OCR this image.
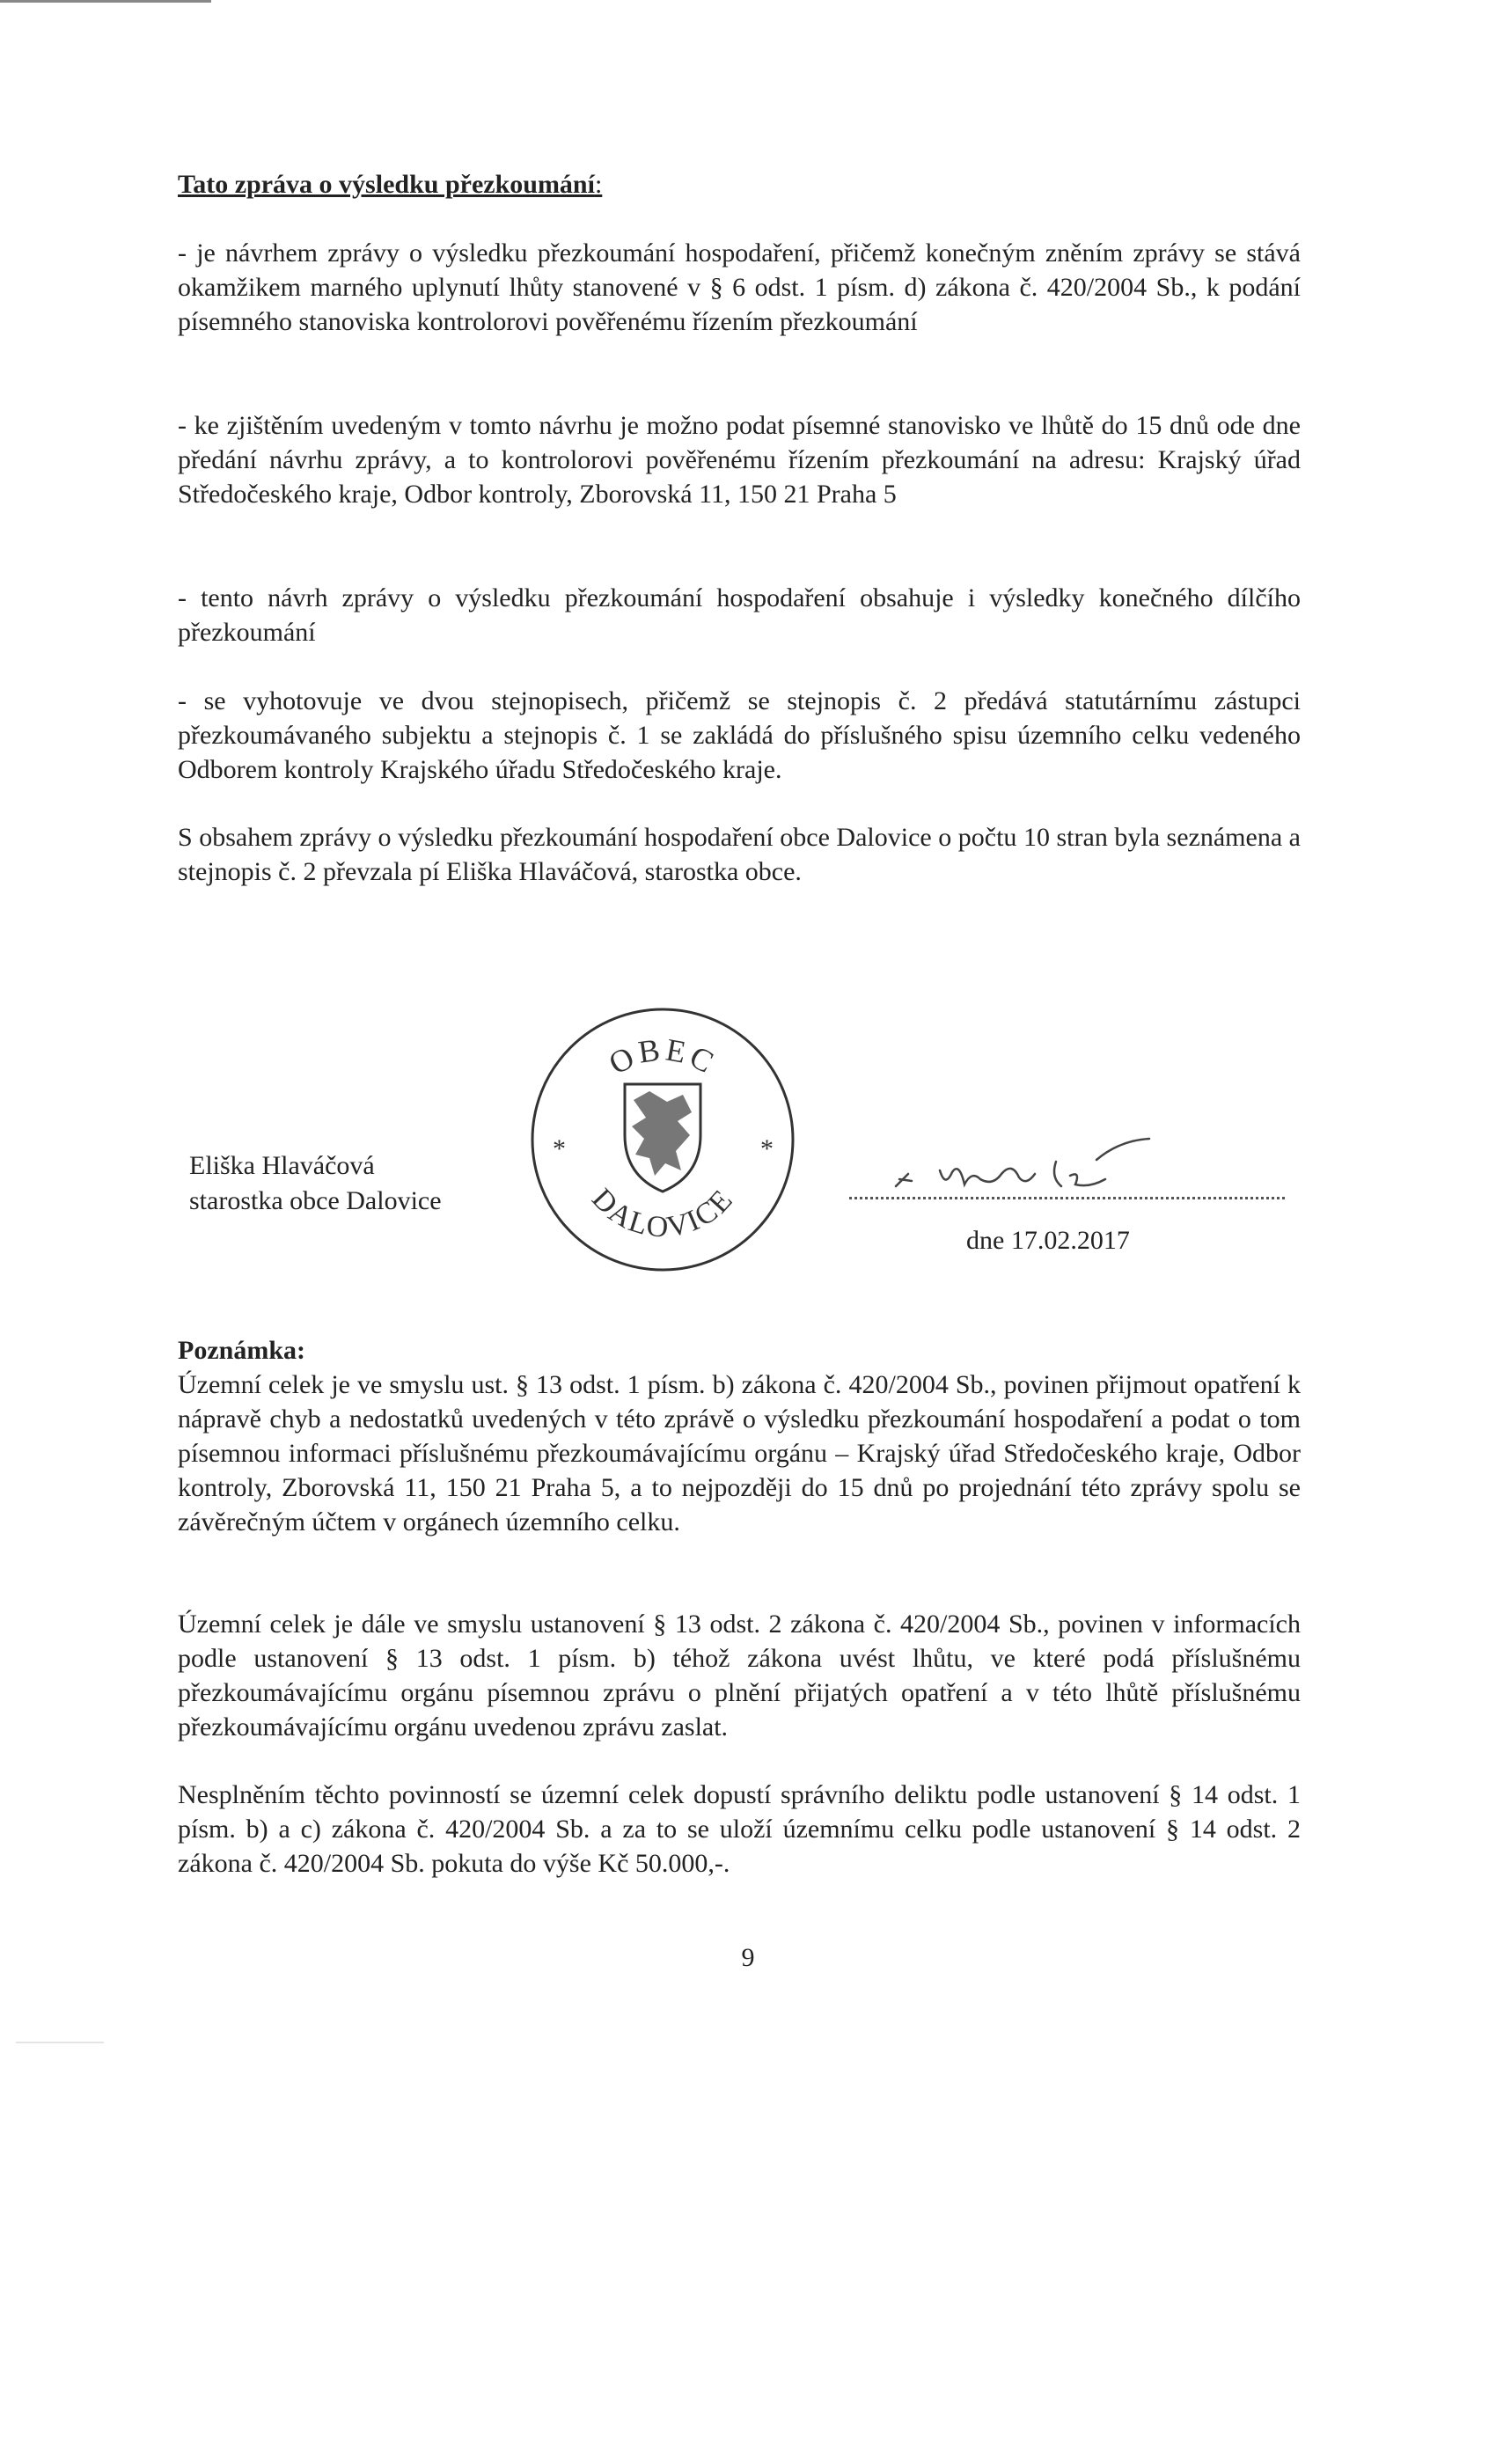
Tato zpráva o výsledku přezkoumání:

- je návrhem zprávy o výsledku přezkoumání hospodaření, přičemž konečným zněním zprávy se stává okamžikem marného uplynutí lhůty stanovené v § 6 odst. 1 písm. d) zákona č. 420/2004 Sb., k podání písemného stanoviska kontrolorovi pověřenému řízením přezkoumání

- ke zjištěním uvedeným v tomto návrhu je možno podat písemné stanovisko ve lhůtě do 15 dnů ode dne předání návrhu zprávy, a to kontrolorovi pověřenému řízením přezkoumání na adresu: Krajský úřad Středočeského kraje, Odbor kontroly, Zborovská 11, 150 21 Praha 5

- tento návrh zprávy o výsledku přezkoumání hospodaření obsahuje i výsledky konečného dílčího přezkoumání

- se vyhotovuje ve dvou stejnopisech, přičemž se stejnopis č. 2 předává statutárnímu zástupci přezkoumávaného subjektu a stejnopis č. 1 se zakládá do příslušného spisu územního celku vedeného Odborem kontroly Krajského úřadu Středočeského kraje.

S obsahem zprávy o výsledku přezkoumání hospodaření obce Dalovice o počtu 10 stran byla seznámena a stejnopis č. 2 převzala pí Eliška Hlaváčová, starostka obce.

OBEC
DALOVICE
*	*

Eliška Hlaváčová
starostka obce Dalovice

dne 17.02.2017

Poznámka:

Územní celek je ve smyslu ust. § 13 odst. 1 písm. b) zákona č. 420/2004 Sb., povinen přijmout opatření k nápravě chyb a nedostatků uvedených v této zprávě o výsledku přezkoumání hospodaření a podat o tom písemnou informaci příslušnému přezkoumávajícímu orgánu – Krajský úřad Středočeského kraje, Odbor kontroly, Zborovská 11, 150 21 Praha 5, a to nejpozději do 15 dnů po projednání této zprávy spolu se závěrečným účtem v orgánech územního celku.

Územní celek je dále ve smyslu ustanovení § 13 odst. 2 zákona č. 420/2004 Sb., povinen v informacích podle ustanovení § 13 odst. 1 písm. b) téhož zákona uvést lhůtu, ve které podá příslušnému přezkoumávajícímu orgánu písemnou zprávu o plnění přijatých opatření a v této lhůtě příslušnému přezkoumávajícímu orgánu uvedenou zprávu zaslat.

Nesplněním těchto povinností se územní celek dopustí správního deliktu podle ustanovení § 14 odst. 1 písm. b) a c) zákona č. 420/2004 Sb. a za to se uloží územnímu celku podle ustanovení § 14 odst. 2 zákona č. 420/2004 Sb. pokuta do výše Kč 50.000,-.

9
